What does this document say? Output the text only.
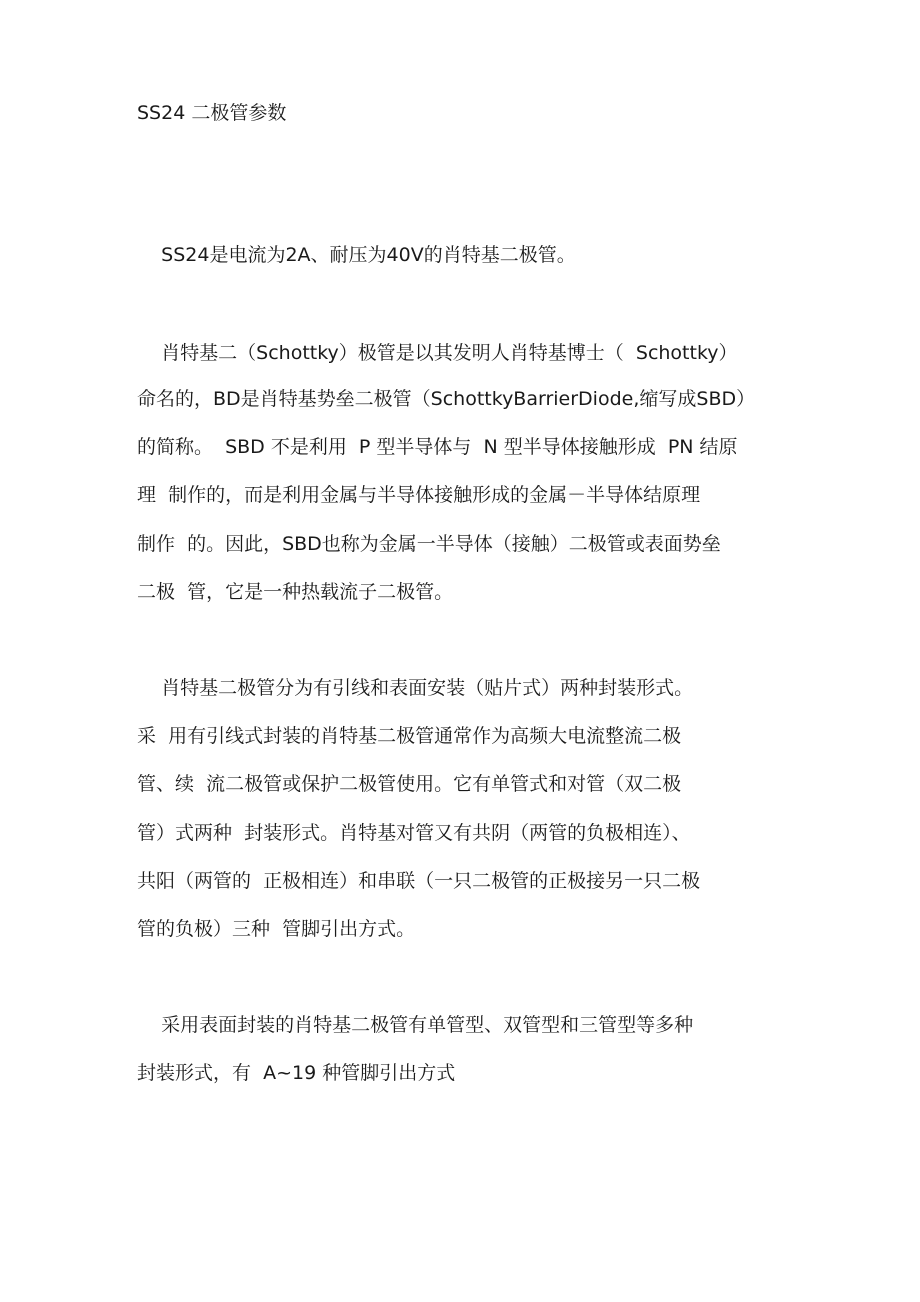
SS24 二极管参数
SS24是电流为2A、耐压为40V的肖特基二极管。
肖特基二（Schottky）极管是以其发明人肖特基博士（  Schottky）
命名的，BD是肖特基势垒二极管（SchottkyBarrierDiode,缩写成SBD）
的简称。  SBD 不是利用  P 型半导体与  N 型半导体接触形成  PN 结原
理  制作的，而是利用金属与半导体接触形成的金属－半导体结原理
制作  的。因此，SBD也称为金属一半导体（接触）二极管或表面势垒
二极  管，它是一种热载流子二极管。
肖特基二极管分为有引线和表面安装（贴片式）两种封装形式。
采  用有引线式封装的肖特基二极管通常作为高频大电流整流二极
管、续  流二极管或保护二极管使用。它有单管式和对管（双二极
管）式两种  封装形式。肖特基对管又有共阴（两管的负极相连）、
共阳（两管的  正极相连）和串联（一只二极管的正极接另一只二极
管的负极）三种  管脚引出方式。
采用表面封装的肖特基二极管有单管型、双管型和三管型等多种
封装形式，有  A~19 种管脚引出方式
